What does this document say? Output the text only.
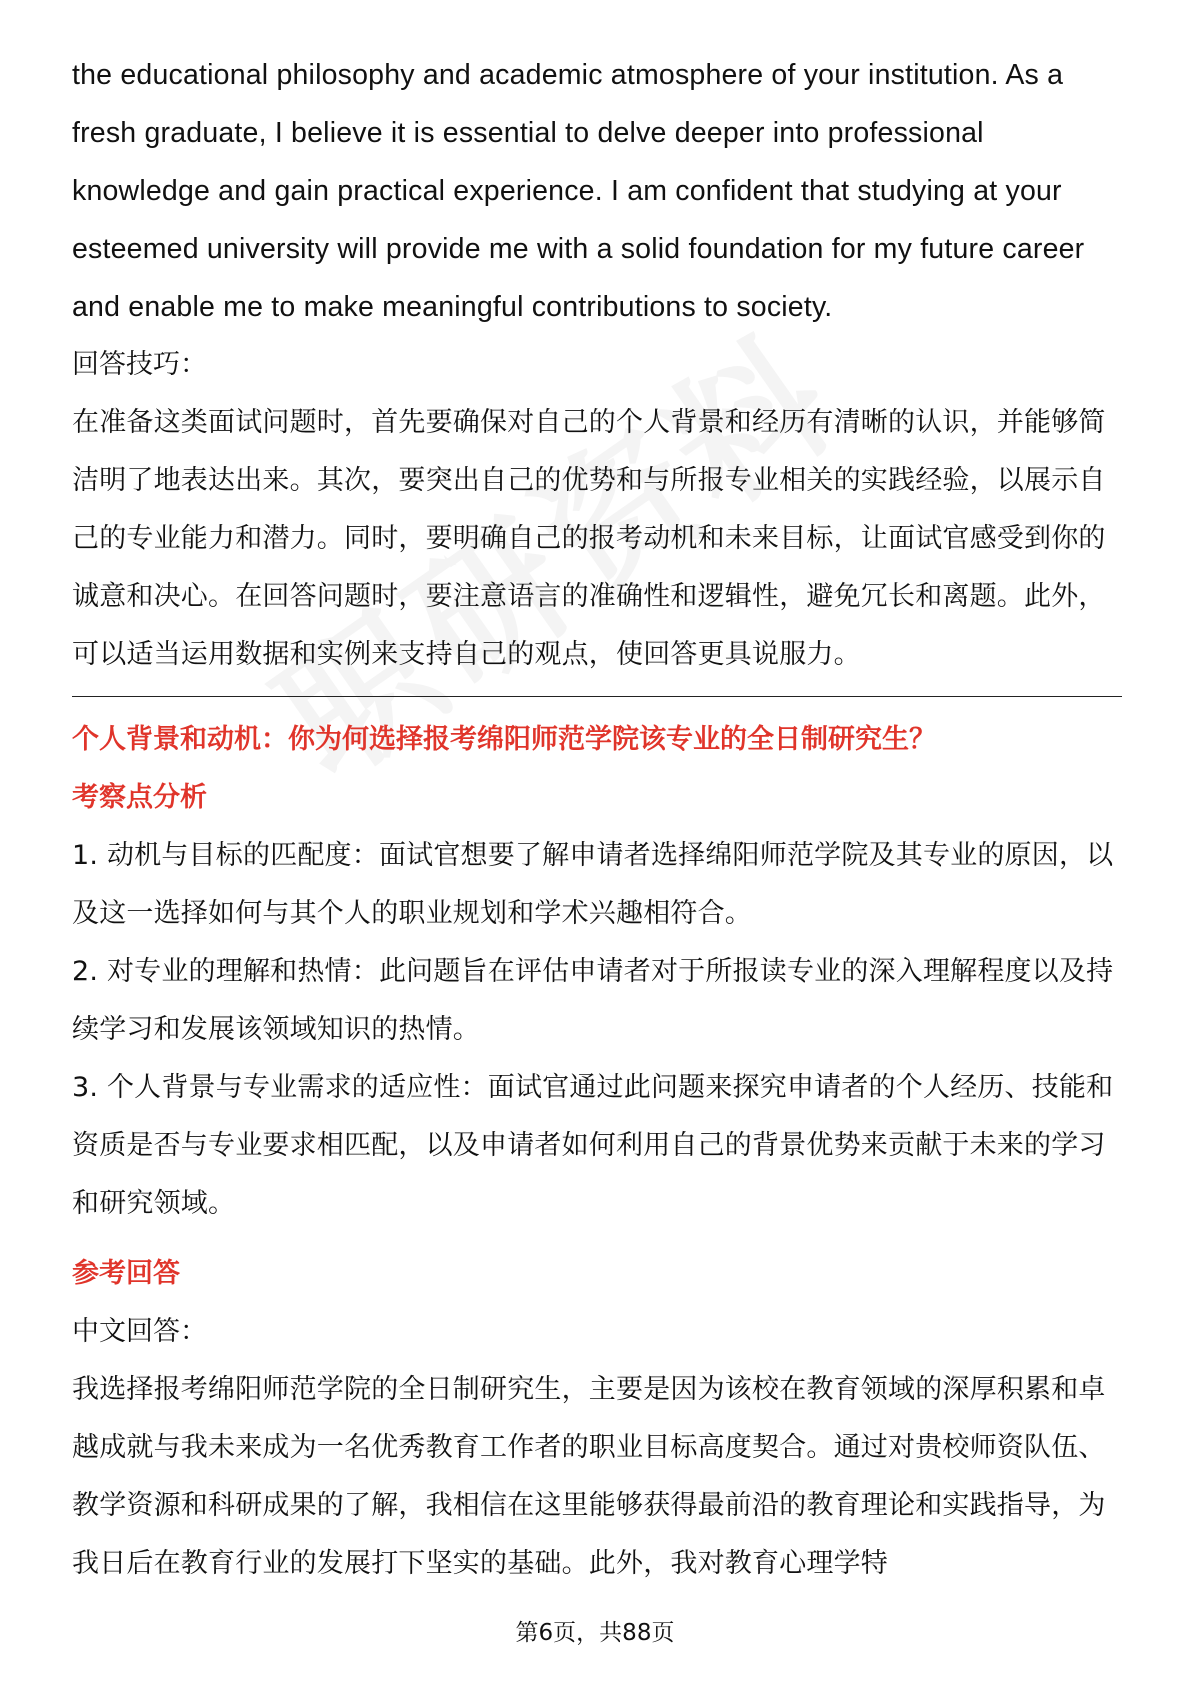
the educational philosophy and academic atmosphere of your institution. As a fresh graduate, I believe it is essential to delve deeper into professional knowledge and gain practical experience. I am confident that studying at your esteemed university will provide me with a solid foundation for my future career and enable me to make meaningful contributions to society.

回答技巧：

在准备这类面试问题时，首先要确保对自己的个人背景和经历有清晰的认识，并能够简洁明了地表达出来。其次，要突出自己的优势和与所报专业相关的实践经验，以展示自己的专业能力和潜力。同时，要明确自己的报考动机和未来目标，让面试官感受到你的诚意和决心。在回答问题时，要注意语言的准确性和逻辑性，避免冗长和离题。此外，可以适当运用数据和实例来支持自己的观点，使回答更具说服力。

个人背景和动机：你为何选择报考绵阳师范学院该专业的全日制研究生？

考察点分析

1. 动机与目标的匹配度：面试官想要了解申请者选择绵阳师范学院及其专业的原因，以及这一选择如何与其个人的职业规划和学术兴趣相符合。

2. 对专业的理解和热情：此问题旨在评估申请者对于所报读专业的深入理解程度以及持续学习和发展该领域知识的热情。

3. 个人背景与专业需求的适应性：面试官通过此问题来探究申请者的个人经历、技能和资质是否与专业要求相匹配，以及申请者如何利用自己的背景优势来贡献于未来的学习和研究领域。

参考回答

中文回答：

我选择报考绵阳师范学院的全日制研究生，主要是因为该校在教育领域的深厚积累和卓越成就与我未来成为一名优秀教育工作者的职业目标高度契合。通过对贵校师资队伍、教学资源和科研成果的了解，我相信在这里能够获得最前沿的教育理论和实践指导，为我日后在教育行业的发展打下坚实的基础。此外，我对教育心理学特

第6页，共88页
